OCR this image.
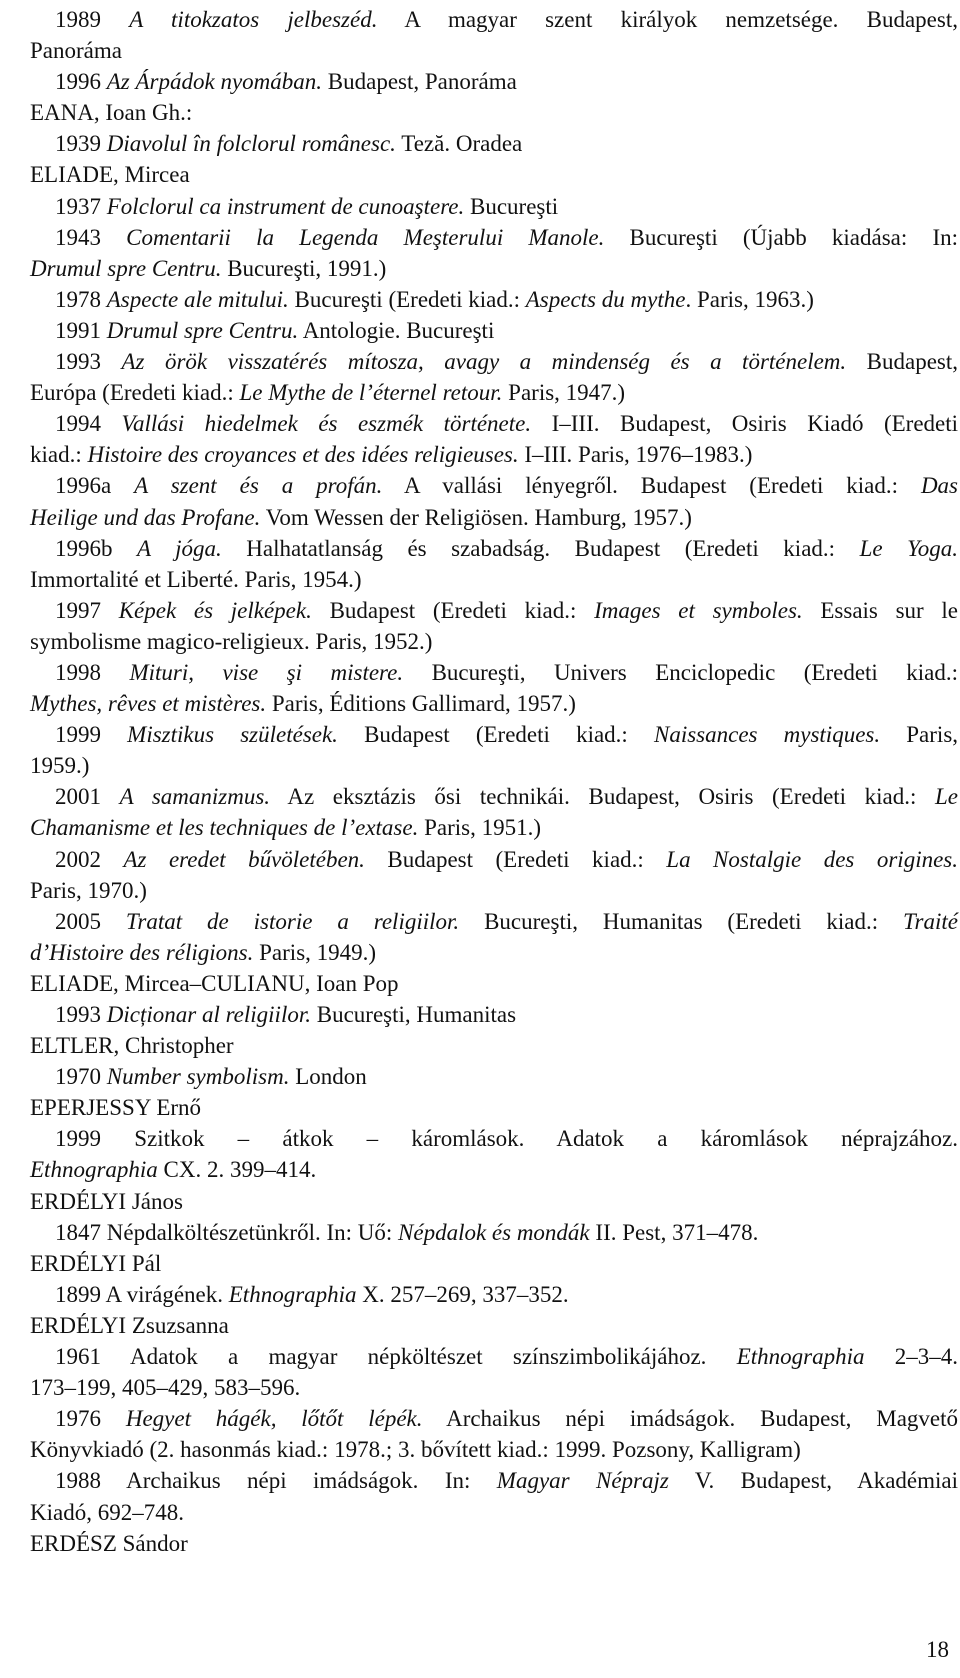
1989 A titokzatos jelbeszéd. A magyar szent királyok nemzetsége. Budapest,
Panoráma
1996 Az Árpádok nyomában. Budapest, Panoráma
EANA, Ioan Gh.:
1939 Diavolul în folclorul românesc. Teză. Oradea
ELIADE, Mircea
1937 Folclorul ca instrument de cunoaştere. Bucureşti
1943 Comentarii la Legenda Meşterului Manole. Bucureşti (Újabb kiadása: In:
Drumul spre Centru. Bucureşti, 1991.)
1978 Aspecte ale mitului. Bucureşti (Eredeti kiad.: Aspects du mythe. Paris, 1963.)
1991 Drumul spre Centru. Antologie. Bucureşti
1993 Az örök visszatérés mítosza, avagy a mindenség és a történelem. Budapest,
Európa (Eredeti kiad.: Le Mythe de l’éternel retour. Paris, 1947.)
1994 Vallási hiedelmek és eszmék története. I–III. Budapest, Osiris Kiadó (Eredeti
kiad.: Histoire des croyances et des idées religieuses. I–III. Paris, 1976–1983.)
1996a A szent és a profán. A vallási lényegről. Budapest (Eredeti kiad.: Das
Heilige und das Profane. Vom Wessen der Religiösen. Hamburg, 1957.)
1996b A jóga. Halhatatlanság és szabadság. Budapest (Eredeti kiad.: Le Yoga.
Immortalité et Liberté. Paris, 1954.)
1997 Képek és jelképek. Budapest (Eredeti kiad.: Images et symboles. Essais sur le
symbolisme magico-religieux. Paris, 1952.)
1998 Mituri, vise şi mistere. Bucureşti, Univers Enciclopedic (Eredeti kiad.:
Mythes, rêves et mistères. Paris, Éditions Gallimard, 1957.)
1999 Misztikus születések. Budapest (Eredeti kiad.: Naissances mystiques. Paris,
1959.)
2001 A samanizmus. Az eksztázis ősi technikái. Budapest, Osiris (Eredeti kiad.: Le
Chamanisme et les techniques de l’extase. Paris, 1951.)
2002 Az eredet bűvöletében. Budapest (Eredeti kiad.: La Nostalgie des origines.
Paris, 1970.)
2005 Tratat de istorie a religiilor. Bucureşti, Humanitas (Eredeti kiad.: Traité
d’Histoire des réligions. Paris, 1949.)
ELIADE, Mircea–CULIANU, Ioan Pop
1993 Dicționar al religiilor. Bucureşti, Humanitas
ELTLER, Christopher
1970 Number symbolism. London
EPERJESSY Ernő
1999 Szitkok – átkok – káromlások. Adatok a káromlások néprajzához.
Ethnographia CX. 2. 399–414.
ERDÉLYI János
1847 Népdalköltészetünkről. In: Uő: Népdalok és mondák II. Pest, 371–478.
ERDÉLYI Pál
1899 A virágének. Ethnographia X. 257–269, 337–352.
ERDÉLYI Zsuzsanna
1961 Adatok a magyar népköltészet színszimbolikájához. Ethnographia 2–3–4.
173–199, 405–429, 583–596.
1976 Hegyet hágék, lőtőt lépék. Archaikus népi imádságok. Budapest, Magvető
Könyvkiadó (2. hasonmás kiad.: 1978.; 3. bővített kiad.: 1999. Pozsony, Kalligram)
1988 Archaikus népi imádságok. In: Magyar Néprajz V. Budapest, Akadémiai
Kiadó, 692–748.
ERDÉSZ Sándor
18
